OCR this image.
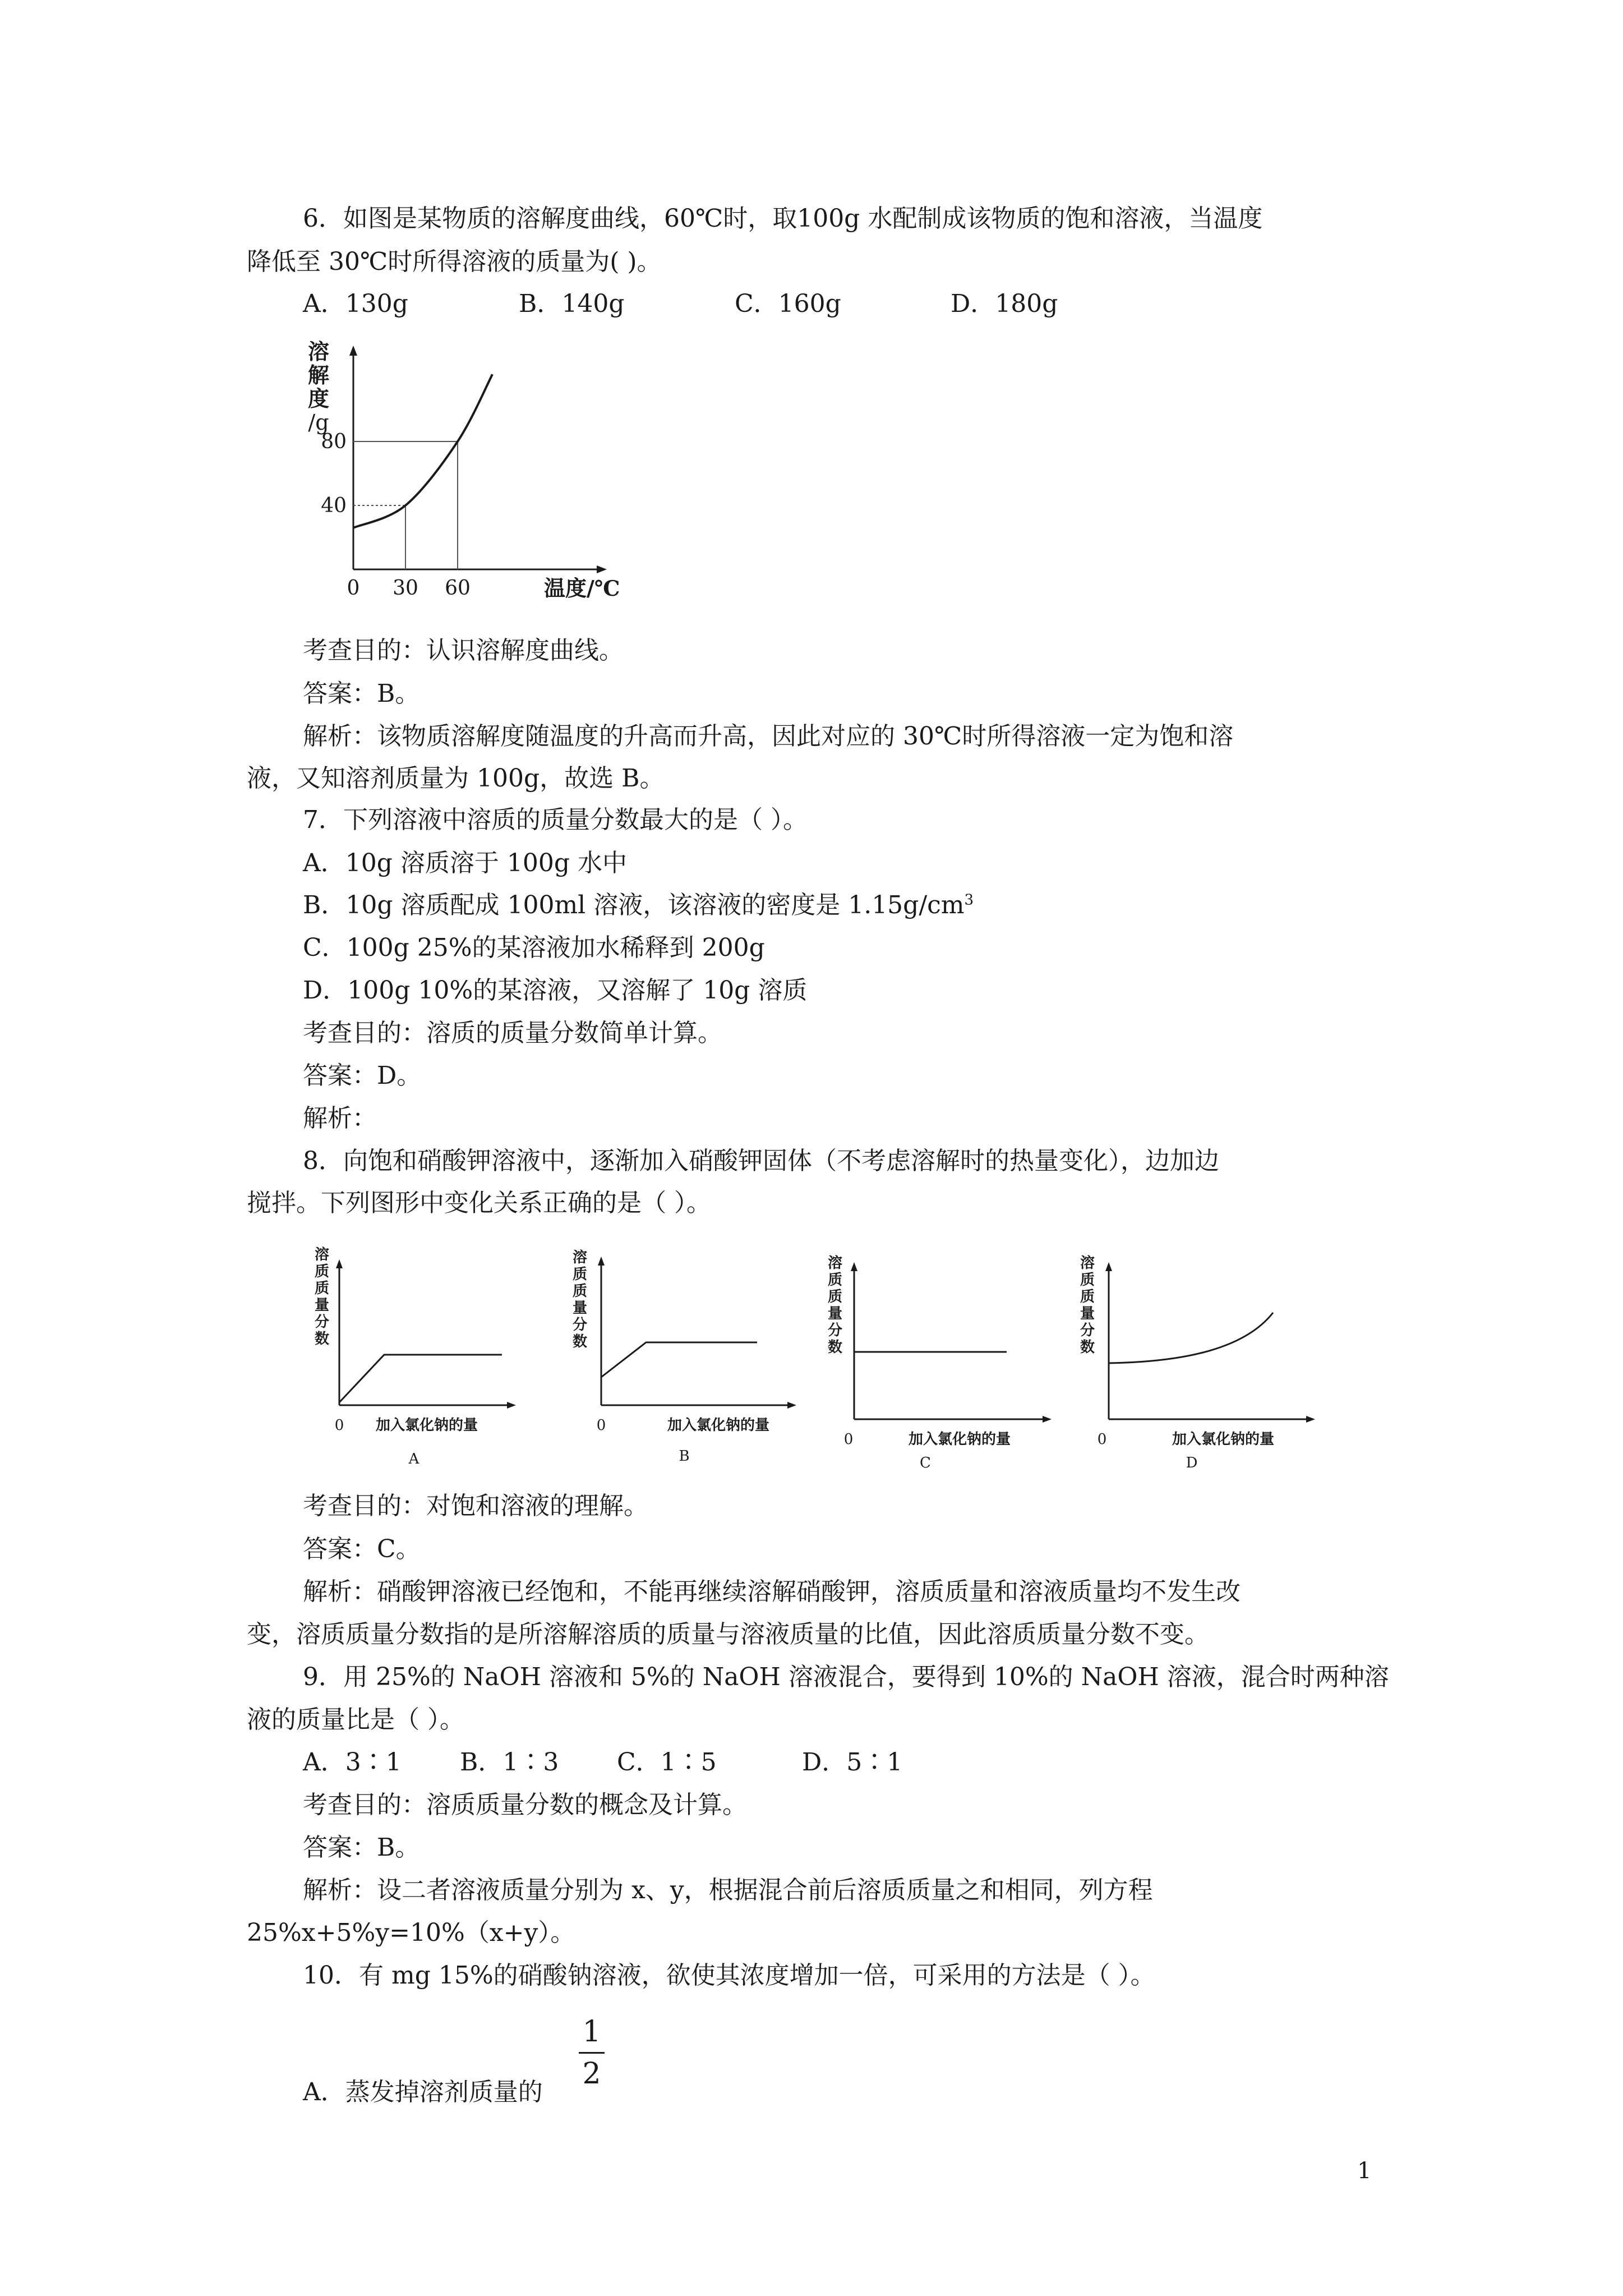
6．如图是某物质的溶解度曲线，60℃时，取100g 水配制成该物质的饱和溶液，当温度
降低至 30℃时所得溶液的质量为( )。
A．130g	B．140g	C．160g	D．180g
溶
解
度
/g
40
80
0 30 60	温度/℃
考查目的：认识溶解度曲线。
答案：B。
解析：该物质溶解度随温度的升高而升高，因此对应的 30℃时所得溶液一定为饱和溶
液，又知溶剂质量为 100g，故选 B。
7．下列溶液中溶质的质量分数最大的是（ ）。
A．10g 溶质溶于 100g 水中
B．10g 溶质配成 100ml 溶液，该溶液的密度是 $1.15g/cm^3$
C．100g 25%的某溶液加水稀释到 200g
D．100g 10%的某溶液，又溶解了 10g 溶质
考查目的：溶质的质量分数简单计算。
答案：D。
解析：
8．向饱和硝酸钾溶液中，逐渐加入硝酸钾固体（不考虑溶解时的热量变化），边加边
搅拌。下列图形中变化关系正确的是（ ）。
溶
质
质
量
分
数
0 加入氯化钠的量
A
溶
质
质
量
分
数
0	加入氯化钠的量
B
溶
质
质
量
分
数
0	加入氯化钠的量
C
溶
质
质
量
分
数
0	加入氯化钠的量
D
考查目的：对饱和溶液的理解。
答案：C。
解析：硝酸钾溶液已经饱和，不能再继续溶解硝酸钾，溶质质量和溶液质量均不发生改
变，溶质质量分数指的是所溶解溶质的质量与溶液质量的比值，因此溶质质量分数不变。
9．用 25%的 NaOH 溶液和 5%的 NaOH 溶液混合，要得到 10%的 NaOH 溶液，混合时两种溶
液的质量比是（ ）。
A．3∶1 B．1∶3 C．1∶5	D．5∶1
考查目的：溶质质量分数的概念及计算。
答案：B。
解析：设二者溶液质量分别为 x、y，根据混合前后溶质质量之和相同，列方程
25%x+5%y=10%（x+y）。
10．有 mg 15%的硝酸钠溶液，欲使其浓度增加一倍，可采用的方法是（ ）。
A．蒸发掉溶剂质量的
1
2
1
